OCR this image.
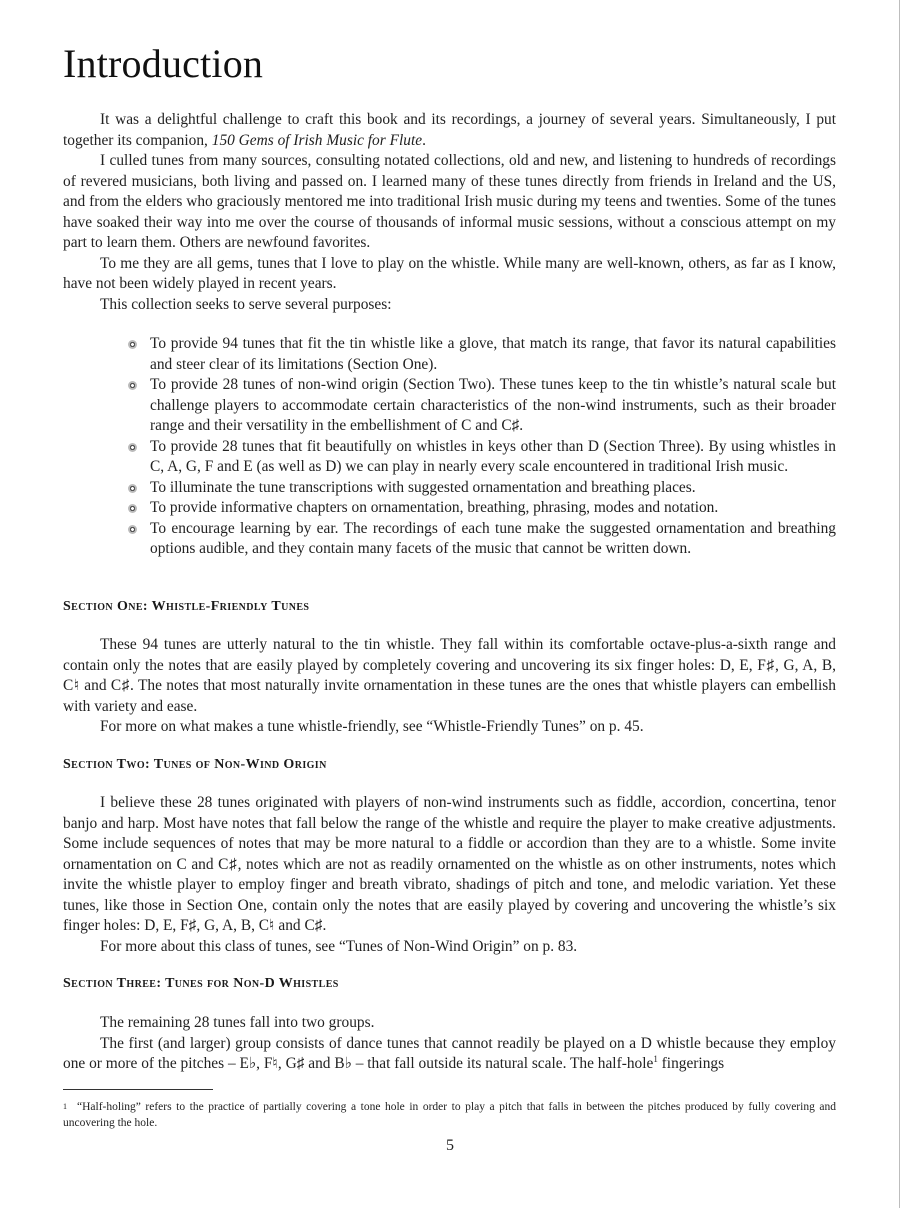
Introduction

It was a delightful challenge to craft this book and its recordings, a journey of several years. Simultaneously, I put together its companion, 150 Gems of Irish Music for Flute.

I culled tunes from many sources, consulting notated collections, old and new, and listening to hundreds of recordings of revered musicians, both living and passed on. I learned many of these tunes directly from friends in Ireland and the US, and from the elders who graciously mentored me into traditional Irish music during my teens and twenties. Some of the tunes have soaked their way into me over the course of thousands of informal music sessions, without a conscious attempt on my part to learn them. Others are newfound favorites.

To me they are all gems, tunes that I love to play on the whistle. While many are well-known, others, as far as I know, have not been widely played in recent years.

This collection seeks to serve several purposes:

To provide 94 tunes that fit the tin whistle like a glove, that match its range, that favor its natural capabilities and steer clear of its limitations (Section One).
To provide 28 tunes of non-wind origin (Section Two). These tunes keep to the tin whistle’s natural scale but challenge players to accommodate certain characteristics of the non-wind instruments, such as their broader range and their versatility in the embellishment of C and C♯.
To provide 28 tunes that fit beautifully on whistles in keys other than D (Section Three). By using whistles in C, A, G, F and E (as well as D) we can play in nearly every scale encountered in traditional Irish music.
To illuminate the tune transcriptions with suggested ornamentation and breathing places.
To provide informative chapters on ornamentation, breathing, phrasing, modes and notation.
To encourage learning by ear. The recordings of each tune make the suggested ornamentation and breathing options audible, and they contain many facets of the music that cannot be written down.
Section One: Whistle-Friendly Tunes

These 94 tunes are utterly natural to the tin whistle. They fall within its comfortable octave-plus-a-sixth range and contain only the notes that are easily played by completely covering and uncovering its six finger holes: D, E, F♯, G, A, B, C♮ and C♯. The notes that most naturally invite ornamentation in these tunes are the ones that whistle players can embellish with variety and ease.

For more on what makes a tune whistle-friendly, see “Whistle-Friendly Tunes” on p. 45.

Section Two: Tunes of Non-Wind Origin

I believe these 28 tunes originated with players of non-wind instruments such as fiddle, accordion, concertina, tenor banjo and harp. Most have notes that fall below the range of the whistle and require the player to make creative adjustments. Some include sequences of notes that may be more natural to a fiddle or accordion than they are to a whistle. Some invite ornamentation on C and C♯, notes which are not as readily ornamented on the whistle as on other instruments, notes which invite the whistle player to employ finger and breath vibrato, shadings of pitch and tone, and melodic variation. Yet these tunes, like those in Section One, contain only the notes that are easily played by covering and uncovering the whistle’s six finger holes: D, E, F♯, G, A, B, C♮ and C♯.

For more about this class of tunes, see “Tunes of Non-Wind Origin” on p. 83.

Section Three: Tunes for Non-D Whistles

The remaining 28 tunes fall into two groups.

The first (and larger) group consists of dance tunes that cannot readily be played on a D whistle because they employ one or more of the pitches – E♭, F♮, G♯ and B♭ – that fall outside its natural scale. The half-hole$^1$ fingerings

$^1$ “Half-holing” refers to the practice of partially covering a tone hole in order to play a pitch that falls in between the pitches produced by fully covering and uncovering the hole.
5
